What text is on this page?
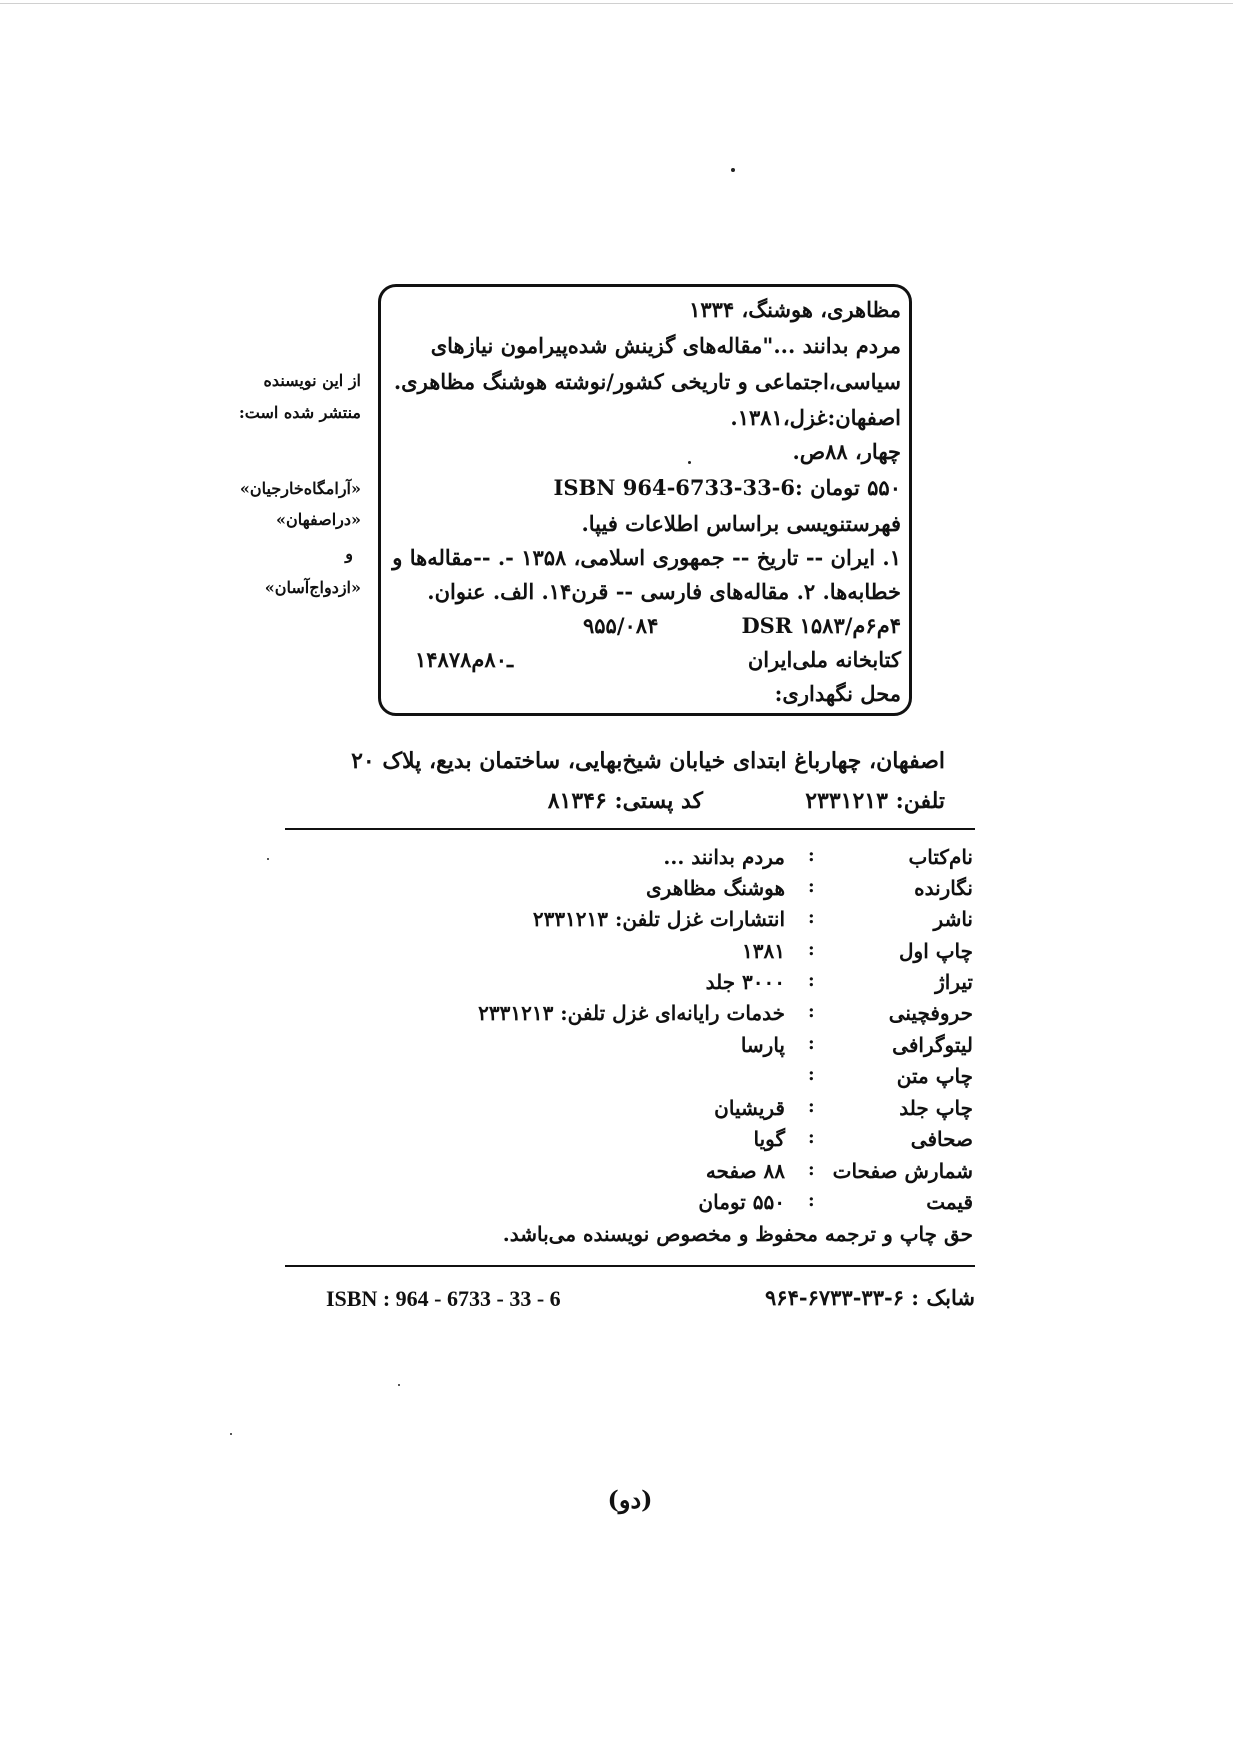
مظاهری، هوشنگ، ۱۳۳۴
مردم بدانند ..."مقاله‌های گزینش شده‌پیرامون نیازهای
سیاسی،اجتماعی و تاریخی کشور/نوشته هوشنگ مظاهری.
اصفهان:غزل،۱۳۸۱.
چهار، ۸۸ص.
۵۵۰ تومان :ISBN 964-6733-33-6
فهرستنویسی براساس اطلاعات فیپا.
۱. ایران -- تاریخ -- جمهوری اسلامی، ۱۳۵۸ -. --مقاله‌ها و
خطابه‌ها. ۲. مقاله‌های فارسی -- قرن۱۴. الف. عنوان.
۴م۶م/۱۵۸۳ DSR
۹۵۵/۰۸۴
کتابخانه ملی‌ایران
۱۴۸۷۸ـ۸۰م
محل نگهداری:
از این نویسنده
منتشر شده است:
«آرامگاه‌خارجیان»
«دراصفهان»
و
«ازدواج‌آسان»
اصفهان، چهارباغ ابتدای خیابان شیخ‌بهایی، ساختمان بدیع، پلاک ۲۰
تلفن: ۲۳۳۱۲۱۳
کد پستی: ۸۱۳۴۶
نام‌کتاب
:
مردم بدانند ...
نگارنده
:
هوشنگ مظاهری
ناشر
:
انتشارات غزل تلفن: ۲۳۳۱۲۱۳
چاپ اول
:
۱۳۸۱
تیراژ
:
۳۰۰۰ جلد
حروفچینی
:
خدمات رایانه‌ای غزل تلفن: ۲۳۳۱۲۱۳
لیتوگرافی
:
پارسا
چاپ متن
:
چاپ جلد
:
قریشیان
صحافی
:
گویا
شمارش صفحات
:
۸۸ صفحه
قیمت
:
۵۵۰ تومان
حق چاپ و ترجمه محفوظ و مخصوص نویسنده می‌باشد.
ISBN : 964 - 6733 - 33 - 6	شابک : ۶-۳۳-۶۷۳۳-۹۶۴
(دو)
